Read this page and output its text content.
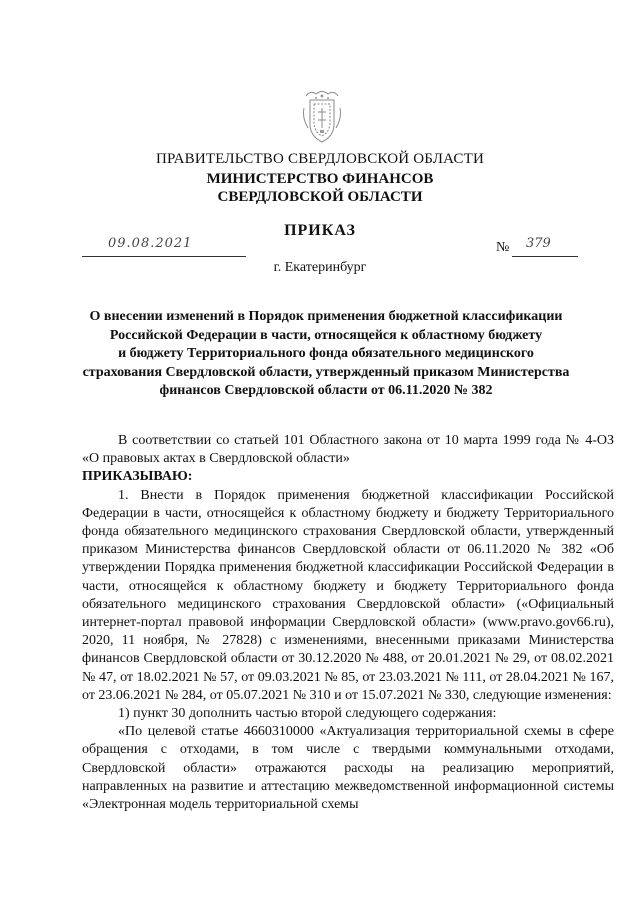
ПРАВИТЕЛЬСТВО СВЕРДЛОВСКОЙ ОБЛАСТИ
МИНИСТЕРСТВО ФИНАНСОВ
СВЕРДЛОВСКОЙ ОБЛАСТИ
ПРИКАЗ
09.08.2021	№ 379
г. Екатеринбург
О внесении изменений в Порядок применения бюджетной классификации
Российской Федерации в части, относящейся к областному бюджету
и бюджету Территориального фонда обязательного медицинского
страхования Свердловской области, утвержденный приказом Министерства
финансов Свердловской области от 06.11.2020 № 382
В соответствии со статьей 101 Областного закона от 10 марта 1999 года № 4-ОЗ «О правовых актах в Свердловской области»
ПРИКАЗЫВАЮ:
1. Внести в Порядок применения бюджетной классификации Российской Федерации в части, относящейся к областному бюджету и бюджету Территориального фонда обязательного медицинского страхования Свердловской области, утвержденный приказом Министерства финансов Свердловской области от 06.11.2020 № 382 «Об утверждении Порядка применения бюджетной классификации Российской Федерации в части, относящейся к областному бюджету и бюджету Территориального фонда обязательного медицинского страхования Свердловской области» («Официальный интернет-портал правовой информации Свердловской области» (www.pravo.gov66.ru), 2020, 11 ноября, № 27828) с изменениями, внесенными приказами Министерства финансов Свердловской области от 30.12.2020 № 488, от 20.01.2021 № 29, от 08.02.2021 № 47, от 18.02.2021 № 57, от 09.03.2021 № 85, от 23.03.2021 № 111, от 28.04.2021 № 167, от 23.06.2021 № 284, от 05.07.2021 № 310 и от 15.07.2021 № 330, следующие изменения:
1) пункт 30 дополнить частью второй следующего содержания:
«По целевой статье 4660310000 «Актуализация территориальной схемы в сфере обращения с отходами, в том числе с твердыми коммунальными отходами, Свердловской области» отражаются расходы на реализацию мероприятий, направленных на развитие и аттестацию межведомственной информационной системы «Электронная модель территориальной схемы
